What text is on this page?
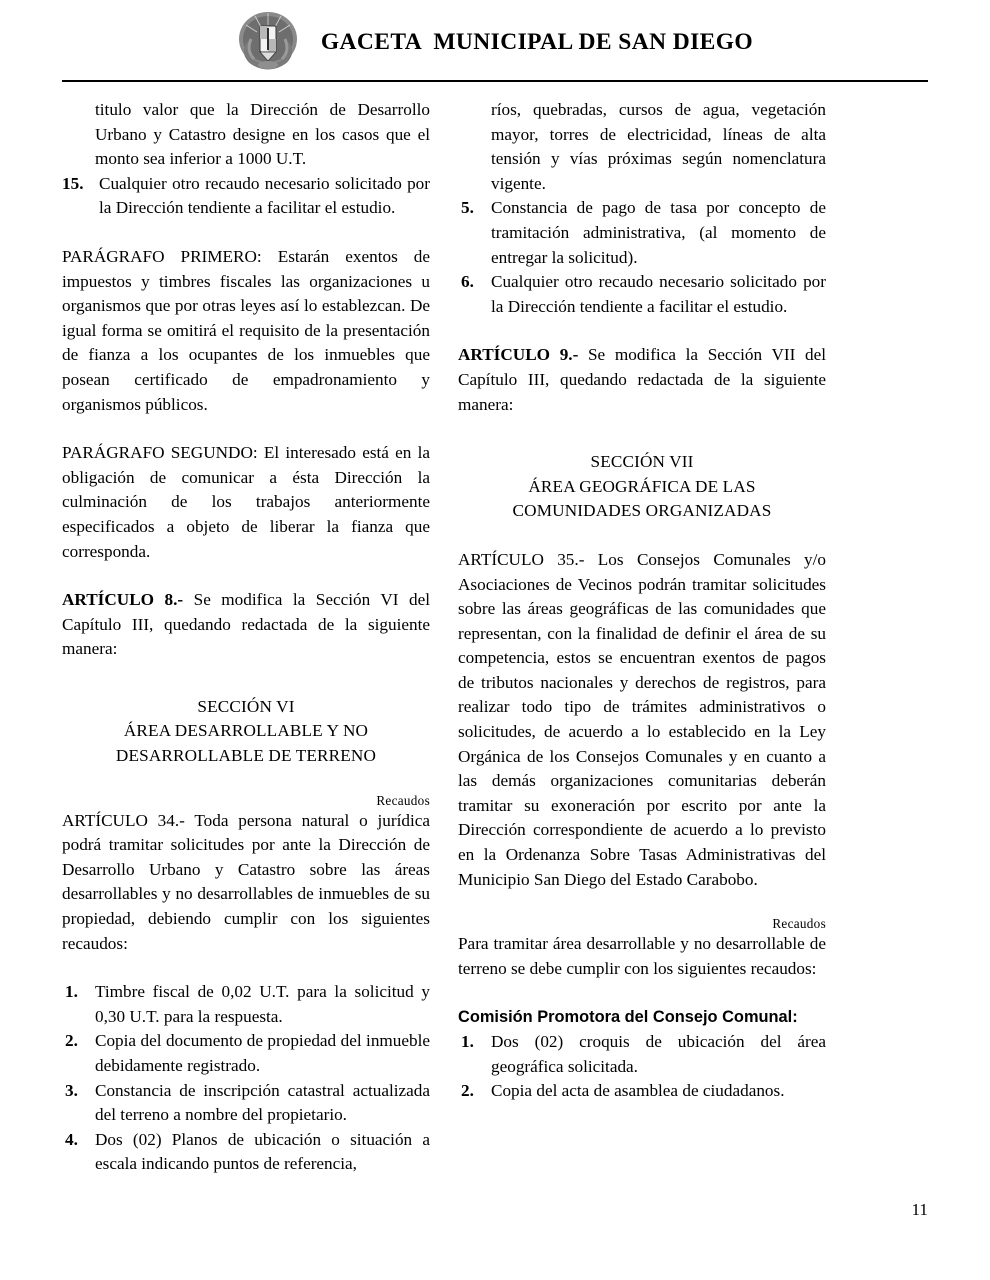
GACETA  MUNICIPAL DE SAN DIEGO
titulo valor que la Dirección de Desarrollo Urbano y Catastro designe en los casos que el monto sea inferior a 1000 U.T.
15. Cualquier otro recaudo necesario solicitado por la Dirección tendiente a facilitar el estudio.

PARÁGRAFO PRIMERO: Estarán exentos de impuestos y timbres fiscales las organizaciones u organismos que por otras leyes así lo establezcan. De igual forma se omitirá el requisito de la presentación de fianza a los ocupantes de los inmuebles que posean certificado de empadronamiento y organismos públicos.

PARÁGRAFO SEGUNDO: El interesado está en la obligación de comunicar a ésta Dirección la culminación de los trabajos anteriormente especificados a objeto de liberar la fianza que corresponda.

ARTÍCULO 8.- Se modifica la Sección VI del Capítulo III, quedando redactada de la siguiente manera:

SECCIÓN VI
ÁREA DESARROLLABLE Y NO
DESARROLLABLE DE TERRENO
Recaudos

ARTÍCULO 34.- Toda persona natural o jurídica podrá tramitar solicitudes por ante la Dirección de Desarrollo Urbano y Catastro sobre las áreas desarrollables y no desarrollables de inmuebles de su propiedad, debiendo cumplir con los siguientes recaudos:

1. Timbre fiscal de 0,02 U.T. para la solicitud y 0,30 U.T. para la respuesta.
2. Copia del documento de propiedad del inmueble debidamente registrado.
3. Constancia de inscripción catastral actualizada del terreno a nombre del propietario.
4. Dos (02) Planos de ubicación o situación a escala indicando puntos de referencia,
ríos, quebradas, cursos de agua, vegetación mayor, torres de electricidad, líneas de alta tensión y vías próximas según nomenclatura vigente.
5. Constancia de pago de tasa por concepto de tramitación administrativa, (al momento de entregar la solicitud).
6. Cualquier otro recaudo necesario solicitado por la Dirección tendiente a facilitar el estudio.

ARTÍCULO 9.- Se modifica la Sección VII del Capítulo III, quedando redactada de la siguiente manera:

SECCIÓN VII
ÁREA GEOGRÁFICA DE LAS
COMUNIDADES ORGANIZADAS

ARTÍCULO 35.- Los Consejos Comunales y/o Asociaciones de Vecinos podrán tramitar solicitudes sobre las áreas geográficas de las comunidades que representan, con la finalidad de definir el área de su competencia, estos se encuentran exentos de pagos de tributos nacionales y derechos de registros, para realizar todo tipo de trámites administrativos o solicitudes, de acuerdo a lo establecido en la Ley Orgánica de los Consejos Comunales y en cuanto a las demás organizaciones comunitarias deberán tramitar su exoneración por escrito por ante la Dirección correspondiente de acuerdo a lo previsto en la Ordenanza Sobre Tasas Administrativas del Municipio San Diego del Estado Carabobo.

Recaudos

Para tramitar área desarrollable y no desarrollable de terreno se debe cumplir con los siguientes recaudos:

Comisión Promotora del Consejo Comunal:
1. Dos (02) croquis de ubicación del área geográfica solicitada.
2. Copia del acta de asamblea de ciudadanos.
11
